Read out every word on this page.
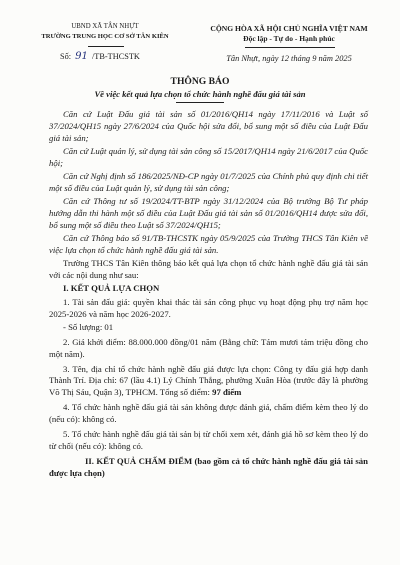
UBND XÃ TÂN NHỰT
TRƯỜNG TRUNG HỌC CƠ SỞ TÂN KIÊN
Số: 91 /TB-THCSTK
CỘNG HÒA XÃ HỘI CHỦ NGHĨA VIỆT NAM
Độc lập - Tự do - Hạnh phúc
Tân Nhựt, ngày 12 tháng 9 năm 2025
THÔNG BÁO
Về việc kết quả lựa chọn tổ chức hành nghề đấu giá tài sản

Căn cứ Luật Đấu giá tài sản số 01/2016/QH14 ngày 17/11/2016 và Luật số 37/2024/QH15 ngày 27/6/2024 của Quốc hội sửa đổi, bổ sung một số điều của Luật Đấu giá tài sản;

Căn cứ Luật quản lý, sử dụng tài sản công số 15/2017/QH14 ngày 21/6/2017 của Quốc hội;

Căn cứ Nghị định số 186/2025/NĐ-CP ngày 01/7/2025 của Chính phủ quy định chi tiết một số điều của Luật quản lý, sử dụng tài sản công;

Căn cứ Thông tư số 19/2024/TT-BTP ngày 31/12/2024 của Bộ trưởng Bộ Tư pháp hướng dẫn thi hành một số điều của Luật Đấu giá tài sản số 01/2016/QH14 được sửa đổi, bổ sung một số điều theo Luật số 37/2024/QH15;

Căn cứ Thông báo số 91/TB-THCSTK ngày 05/9/2025 của Trường THCS Tân Kiên về việc lựa chọn tổ chức hành nghề đấu giá tài sản.

Trường THCS Tân Kiên thông báo kết quả lựa chọn tổ chức hành nghề đấu giá tài sản với các nội dung như sau:

I. KẾT QUẢ LỰA CHỌN

1. Tài sản đấu giá: quyền khai thác tài sản công phục vụ hoạt động phụ trợ năm học 2025-2026 và năm học 2026-2027.

- Số lượng: 01

2. Giá khởi điểm: 88.000.000 đồng/01 năm (Bằng chữ: Tám mươi tám triệu đồng cho một năm).

3. Tên, địa chỉ tổ chức hành nghề đấu giá được lựa chọn: Công ty đấu giá hợp danh Thành Trí. Địa chỉ: 67 (lầu 4.1) Lý Chính Thắng, phường Xuân Hòa (trước đây là phường Võ Thị Sáu, Quận 3), TPHCM. Tổng số điểm: 97 điểm

4. Tổ chức hành nghề đấu giá tài sản không được đánh giá, chấm điểm kèm theo lý do (nếu có): không có.

5. Tổ chức hành nghề đấu giá tài sản bị từ chối xem xét, đánh giá hồ sơ kèm theo lý do từ chối (nếu có): không có.

II. KẾT QUẢ CHẤM ĐIỂM (bao gồm cả tổ chức hành nghề đấu giá tài sản được lựa chọn)
